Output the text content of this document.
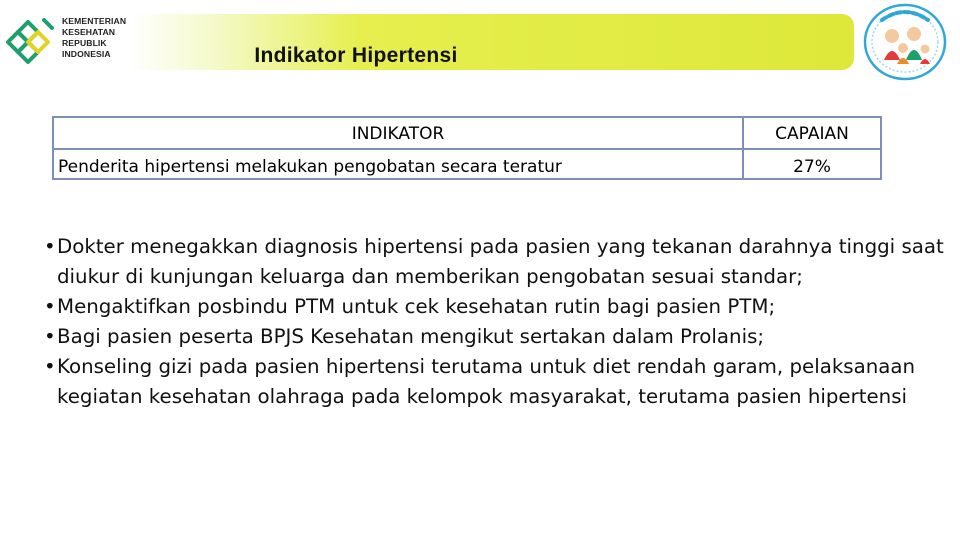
KEMENTERIAN
KESEHATAN
REPUBLIK
INDONESIA	Indikator Hipertensi
INDIKATOR	CAPAIAN
Penderita hipertensi melakukan pengobatan secara teratur	27%
• Dokter menegakkan diagnosis hipertensi pada pasien yang tekanan darahnya tinggi saat diukur di kunjungan keluarga dan memberikan pengobatan sesuai standar;
• Mengaktifkan posbindu PTM untuk cek kesehatan rutin bagi pasien PTM;
• Bagi pasien peserta BPJS Kesehatan mengikut sertakan dalam Prolanis;
• Konseling gizi pada pasien hipertensi terutama untuk diet rendah garam, pelaksanaan kegiatan kesehatan olahraga pada kelompok masyarakat, terutama pasien hipertensi
